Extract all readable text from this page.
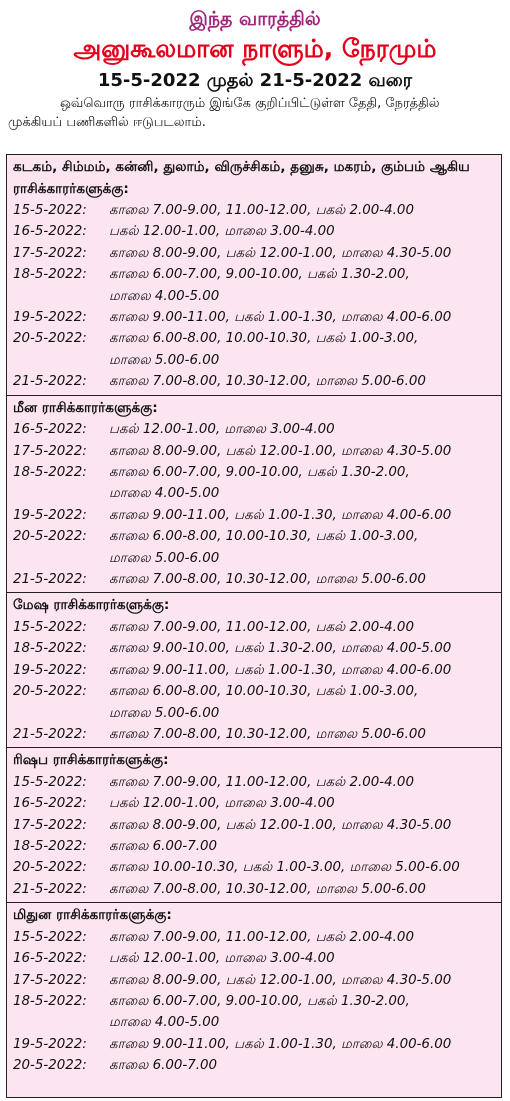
இந்த வாரத்தில்
அனுகூலமான நாளும், நேரமும்
15-5-2022 முதல் 21-5-2022 வரை
ஒவ்வொரு ராசிக்காரரும் இங்கே குறிப்பிட்டுள்ள தேதி, நேரத்தில்
முக்கியப் பணிகளில் ஈடுபடலாம்.
கடகம், சிம்மம், கன்னி, துலாம், விருச்சிகம், தனுசு, மகரம், கும்பம் ஆகிய ராசிக்காரர்களுக்கு:
15-5-2022: காலை 7.00-9.00, 11.00-12.00, பகல் 2.00-4.00
16-5-2022: பகல் 12.00-1.00, மாலை 3.00-4.00
17-5-2022: காலை 8.00-9.00, பகல் 12.00-1.00, மாலை 4.30-5.00
18-5-2022: காலை 6.00-7.00, 9.00-10.00, பகல் 1.30-2.00,
மாலை 4.00-5.00
19-5-2022: காலை 9.00-11.00, பகல் 1.00-1.30, மாலை 4.00-6.00
20-5-2022: காலை 6.00-8.00, 10.00-10.30, பகல் 1.00-3.00,
மாலை 5.00-6.00
21-5-2022: காலை 7.00-8.00, 10.30-12.00, மாலை 5.00-6.00
மீன ராசிக்காரர்களுக்கு:
16-5-2022: பகல் 12.00-1.00, மாலை 3.00-4.00
17-5-2022: காலை 8.00-9.00, பகல் 12.00-1.00, மாலை 4.30-5.00
18-5-2022: காலை 6.00-7.00, 9.00-10.00, பகல் 1.30-2.00,
மாலை 4.00-5.00
19-5-2022: காலை 9.00-11.00, பகல் 1.00-1.30, மாலை 4.00-6.00
20-5-2022: காலை 6.00-8.00, 10.00-10.30, பகல் 1.00-3.00,
மாலை 5.00-6.00
21-5-2022: காலை 7.00-8.00, 10.30-12.00, மாலை 5.00-6.00
மேஷ ராசிக்காரர்களுக்கு:
15-5-2022: காலை 7.00-9.00, 11.00-12.00, பகல் 2.00-4.00
18-5-2022: காலை 9.00-10.00, பகல் 1.30-2.00, மாலை 4.00-5.00
19-5-2022: காலை 9.00-11.00, பகல் 1.00-1.30, மாலை 4.00-6.00
20-5-2022: காலை 6.00-8.00, 10.00-10.30, பகல் 1.00-3.00,
மாலை 5.00-6.00
21-5-2022: காலை 7.00-8.00, 10.30-12.00, மாலை 5.00-6.00
ரிஷப ராசிக்காரர்களுக்கு:
15-5-2022: காலை 7.00-9.00, 11.00-12.00, பகல் 2.00-4.00
16-5-2022: பகல் 12.00-1.00, மாலை 3.00-4.00
17-5-2022: காலை 8.00-9.00, பகல் 12.00-1.00, மாலை 4.30-5.00
18-5-2022: காலை 6.00-7.00
20-5-2022: காலை 10.00-10.30, பகல் 1.00-3.00, மாலை 5.00-6.00
21-5-2022: காலை 7.00-8.00, 10.30-12.00, மாலை 5.00-6.00
மிதுன ராசிக்காரர்களுக்கு:
15-5-2022: காலை 7.00-9.00, 11.00-12.00, பகல் 2.00-4.00
16-5-2022: பகல் 12.00-1.00, மாலை 3.00-4.00
17-5-2022: காலை 8.00-9.00, பகல் 12.00-1.00, மாலை 4.30-5.00
18-5-2022: காலை 6.00-7.00, 9.00-10.00, பகல் 1.30-2.00,
மாலை 4.00-5.00
19-5-2022: காலை 9.00-11.00, பகல் 1.00-1.30, மாலை 4.00-6.00
20-5-2022: காலை 6.00-7.00
